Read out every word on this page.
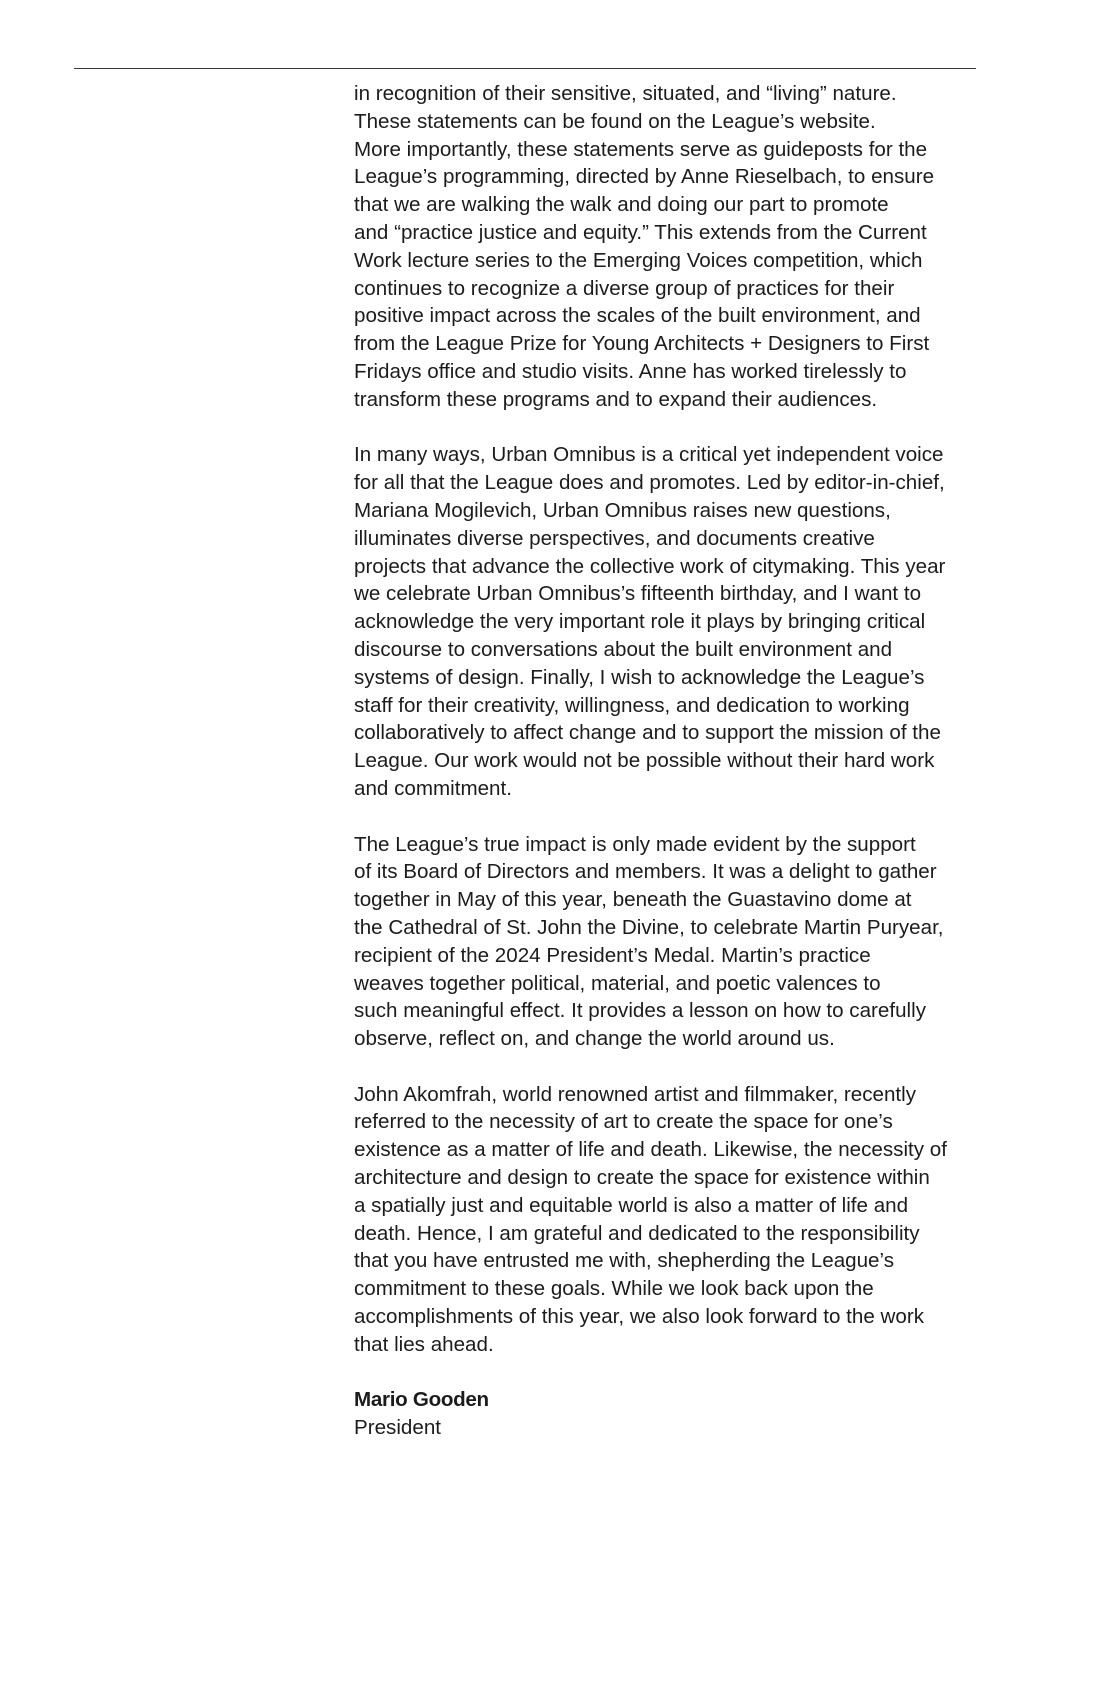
in recognition of their sensitive, situated, and “living” nature.
These statements can be found on the League’s website.
More importantly, these statements serve as guideposts for the
League’s programming, directed by Anne Rieselbach, to ensure
that we are walking the walk and doing our part to promote
and “practice justice and equity.” This extends from the Current
Work lecture series to the Emerging Voices competition, which
continues to recognize a diverse group of practices for their
positive impact across the scales of the built environment, and
from the League Prize for Young Architects + Designers to First
Fridays office and studio visits. Anne has worked tirelessly to
transform these programs and to expand their audiences.

In many ways, Urban Omnibus is a critical yet independent voice
for all that the League does and promotes. Led by editor-in-chief,
Mariana Mogilevich, Urban Omnibus raises new questions,
illuminates diverse perspectives, and documents creative
projects that advance the collective work of citymaking. This year
we celebrate Urban Omnibus’s fifteenth birthday, and I want to
acknowledge the very important role it plays by bringing critical
discourse to conversations about the built environment and
systems of design. Finally, I wish to acknowledge the League’s
staff for their creativity, willingness, and dedication to working
collaboratively to affect change and to support the mission of the
League. Our work would not be possible without their hard work
and commitment.

The League’s true impact is only made evident by the support
of its Board of Directors and members. It was a delight to gather
together in May of this year, beneath the Guastavino dome at
the Cathedral of St. John the Divine, to celebrate Martin Puryear,
recipient of the 2024 President’s Medal. Martin’s practice
weaves together political, material, and poetic valences to
such meaningful effect. It provides a lesson on how to carefully
observe, reflect on, and change the world around us.

John Akomfrah, world renowned artist and filmmaker, recently
referred to the necessity of art to create the space for one’s
existence as a matter of life and death. Likewise, the necessity of
architecture and design to create the space for existence within
a spatially just and equitable world is also a matter of life and
death. Hence, I am grateful and dedicated to the responsibility
that you have entrusted me with, shepherding the League’s
commitment to these goals. While we look back upon the
accomplishments of this year, we also look forward to the work
that lies ahead.

Mario Gooden
President
